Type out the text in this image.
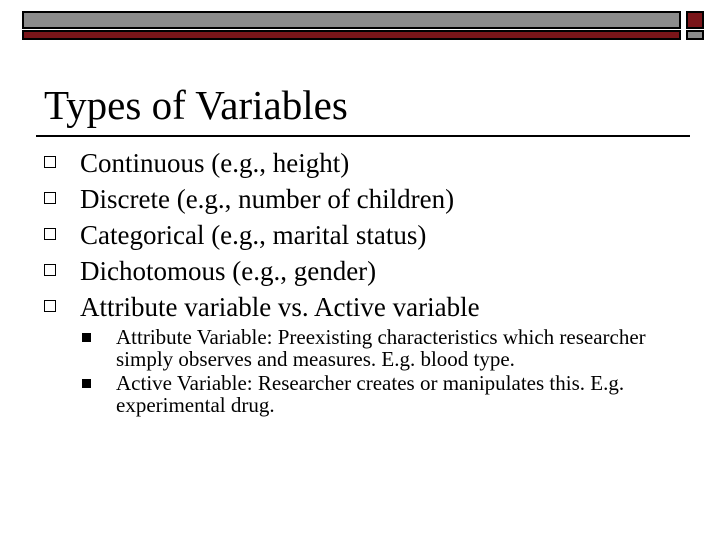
Types of Variables
Continuous (e.g., height)
Discrete (e.g., number of children)
Categorical (e.g., marital status)
Dichotomous (e.g., gender)
Attribute variable vs. Active variable
Attribute Variable: Preexisting characteristics which researcher simply observes and measures. E.g. blood type.
Active Variable: Researcher creates or manipulates this. E.g. experimental drug.
